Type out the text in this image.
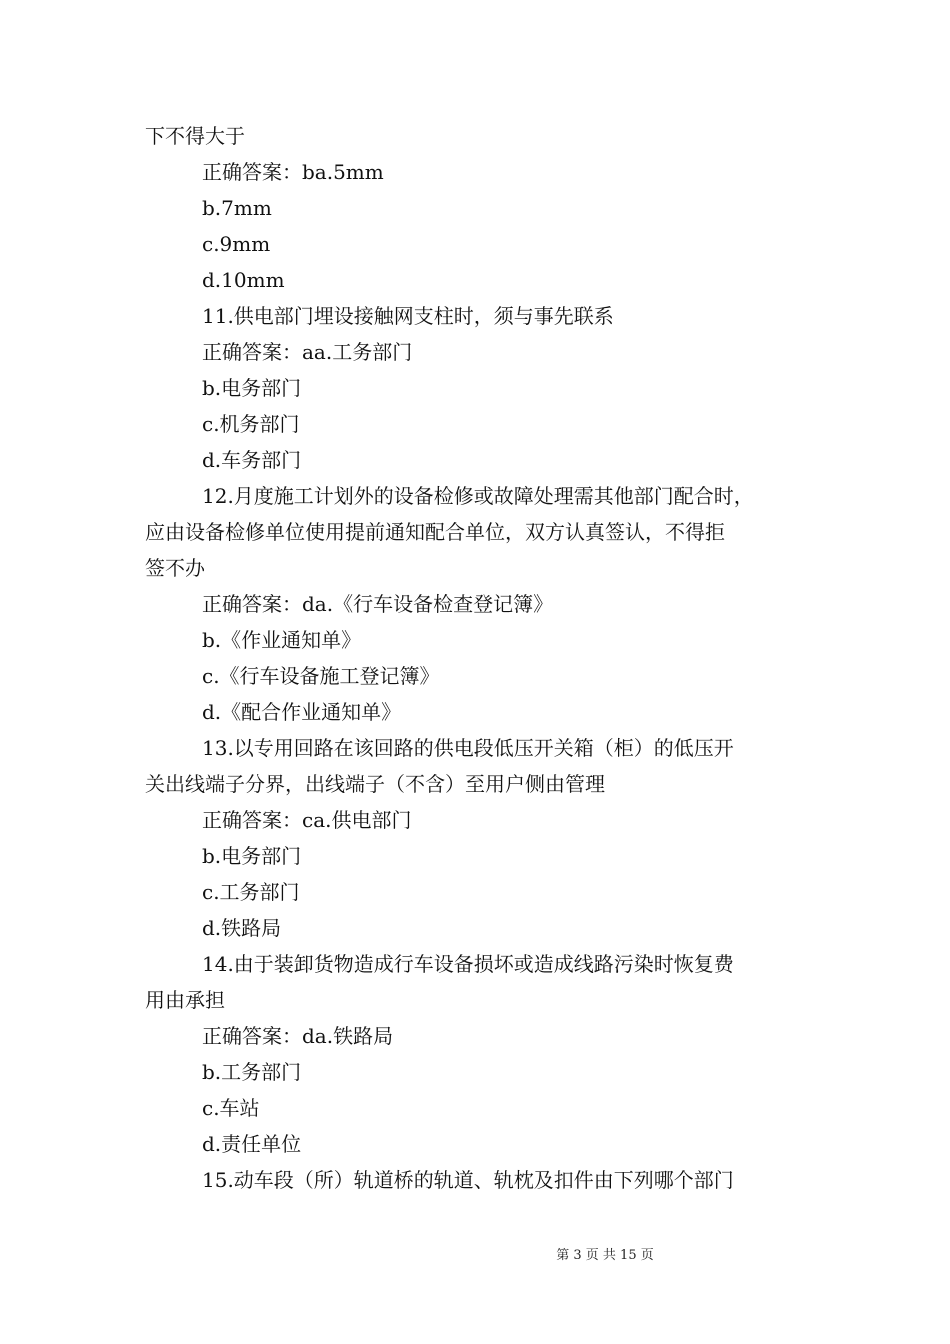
下不得大于
正确答案：ba.5mm
b.7mm
c.9mm
d.10mm
11.供电部门埋设接触网支柱时，须与事先联系
正确答案：aa.工务部门
b.电务部门
c.机务部门
d.车务部门
12.月度施工计划外的设备检修或故障处理需其他部门配合时，
应由设备检修单位使用提前通知配合单位，双方认真签认，不得拒
签不办
正确答案：da.《行车设备检查登记簿》
b.《作业通知单》
c.《行车设备施工登记簿》
d.《配合作业通知单》
13.以专用回路在该回路的供电段低压开关箱（柜）的低压开
关出线端子分界，出线端子（不含）至用户侧由管理
正确答案：ca.供电部门
b.电务部门
c.工务部门
d.铁路局
14.由于装卸货物造成行车设备损坏或造成线路污染时恢复费
用由承担
正确答案：da.铁路局
b.工务部门
c.车站
d.责任单位
15.动车段（所）轨道桥的轨道、轨枕及扣件由下列哪个部门
第 3 页 共 15 页
